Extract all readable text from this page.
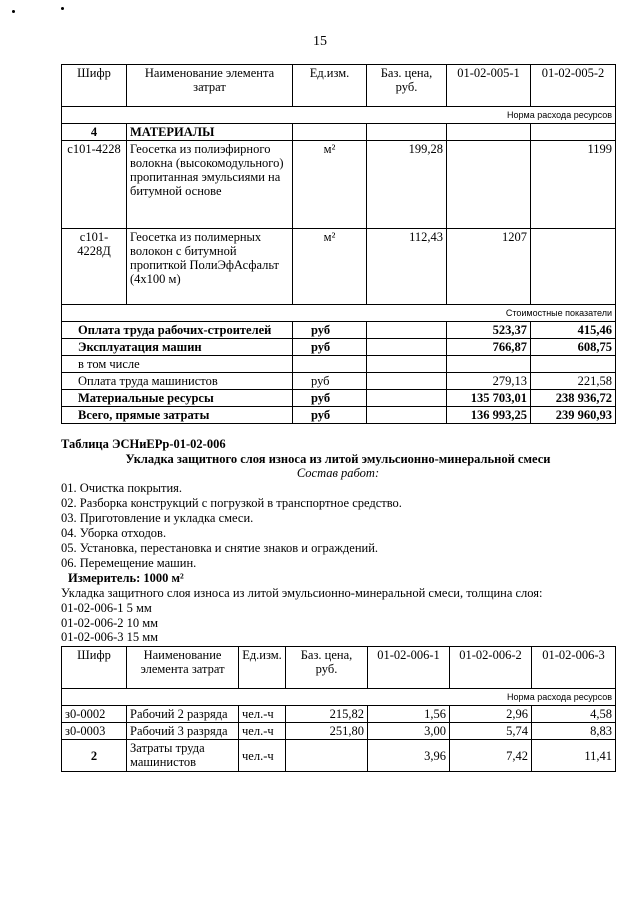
15
Шифр	Наименование элемента затрат	Ед.изм.	Баз. цена, руб.	01-02-005-1	01-02-005-2
Норма расхода ресурсов					
4	МАТЕРИАЛЫ				
с101-4228	Геосетка из полиэфирного волокна (высокомодульного) пропитанная эмульсиями на битумной основе	м²	199,28		1199
с101-4228Д	Геосетка из полимерных волокон с битумной пропиткой ПолиЭфАсфальт (4х100 м)	м²	112,43	1207	
Стоимостные показатели					
Оплата труда рабочих-строителей		руб		523,37	415,46
Эксплуатация машин		руб		766,87	608,75
в том числе					
Оплата труда машинистов		руб		279,13	221,58
Материальные ресурсы		руб		135 703,01	238 936,72
Всего, прямые затраты		руб		136 993,25	239 960,93
Таблица ЭСНиЕРр-01-02-006
Укладка защитного слоя износа из литой эмульсионно-минеральной смеси
Состав работ:
01. Очистка покрытия.
02. Разборка конструкций с погрузкой в транспортное средство.
03. Приготовление и укладка смеси.
04. Уборка отходов.
05. Установка, перестановка и снятие знаков и ограждений.
06. Перемещение машин.
Измеритель: 1000 м²
Укладка защитного слоя износа из литой эмульсионно-минеральной смеси, толщина слоя:
01-02-006-1 5 мм
01-02-006-2 10 мм
01-02-006-3 15 мм
Шифр	Наименование элемента затрат	Ед.изм.	Баз. цена, руб.	01-02-006-1	01-02-006-2	01-02-006-3
Норма расхода ресурсов						
з0-0002	Рабочий 2 разряда	чел.-ч	215,82	1,56	2,96	4,58
з0-0003	Рабочий 3 разряда	чел.-ч	251,80	3,00	5,74	8,83
2	Затраты труда машинистов	чел.-ч		3,96	7,42	11,41
